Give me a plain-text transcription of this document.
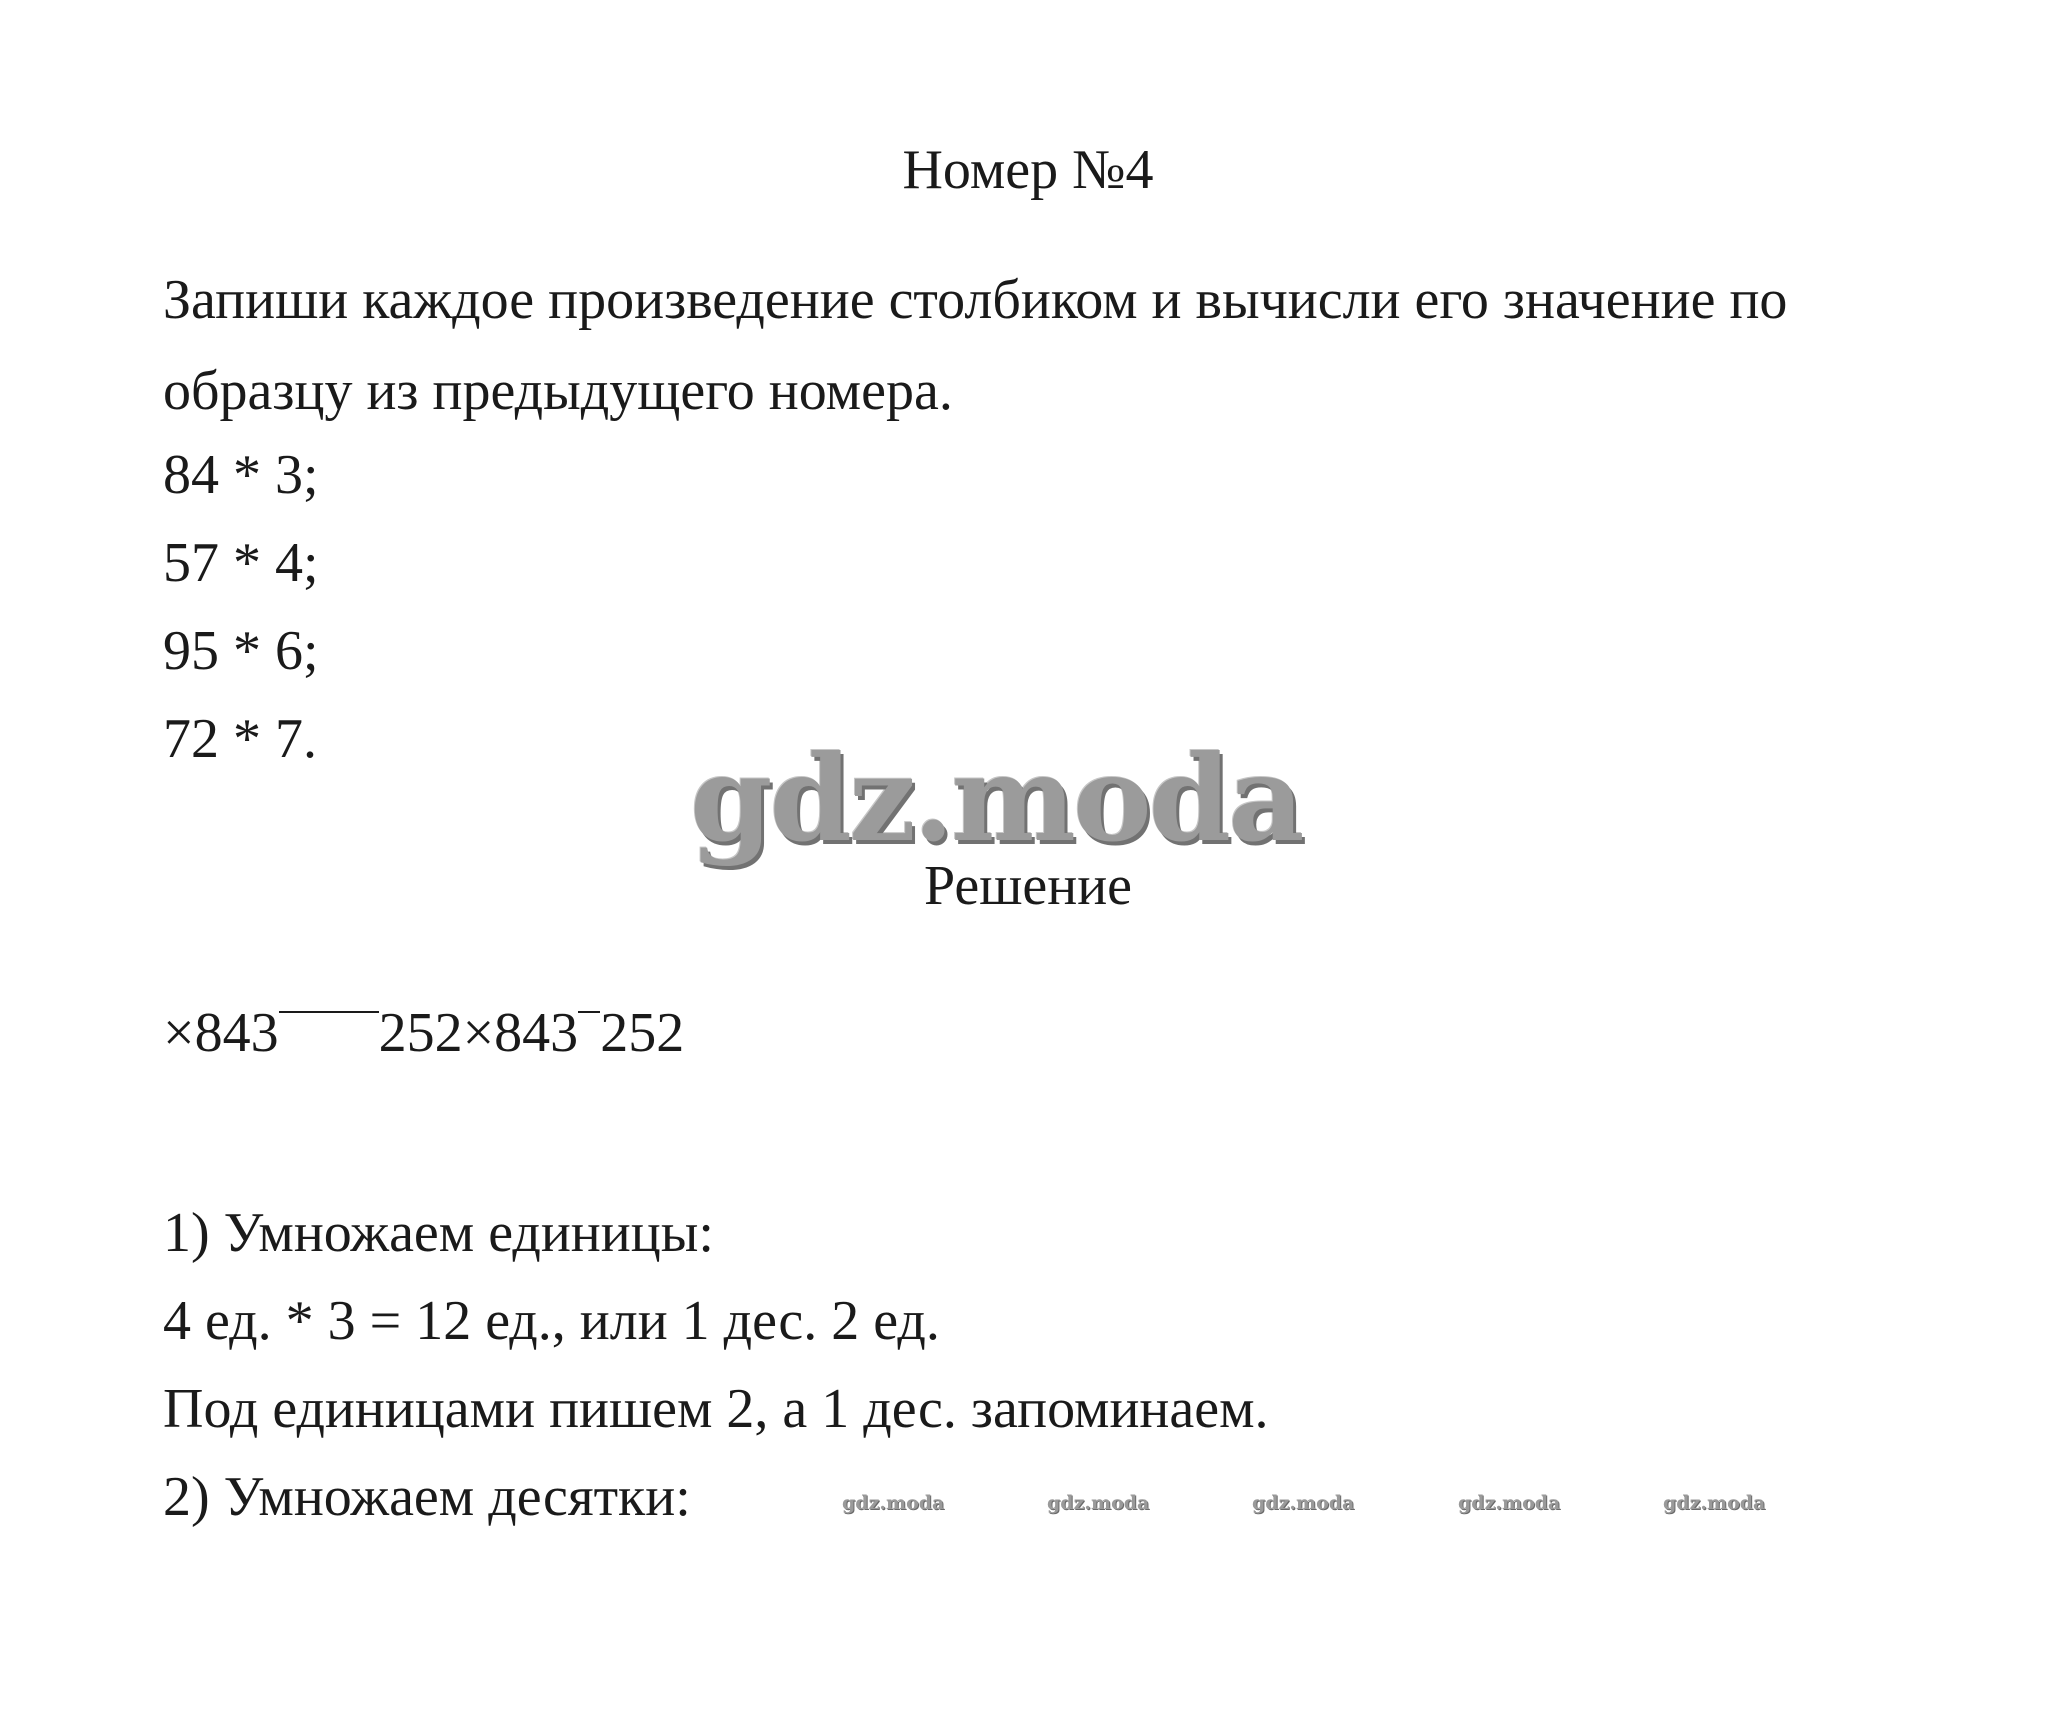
Номер №4
Запиши каждое произведение столбиком и вычисли его значение по
образцу из предыдущего номера.
84 * 3;
57 * 4;
95 * 6;
72 * 7.	gdz.moda
Решение
×843 252×843 252
1) Умножаем единицы:
4 ед. * 3 = 12 ед., или 1 дес. 2 ед.
Под единицами пишем 2, а 1 дес. запоминаем.
2) Умножаем десятки:	gdz.moda	gdz.moda	gdz.moda	gdz.moda	gdz.moda
